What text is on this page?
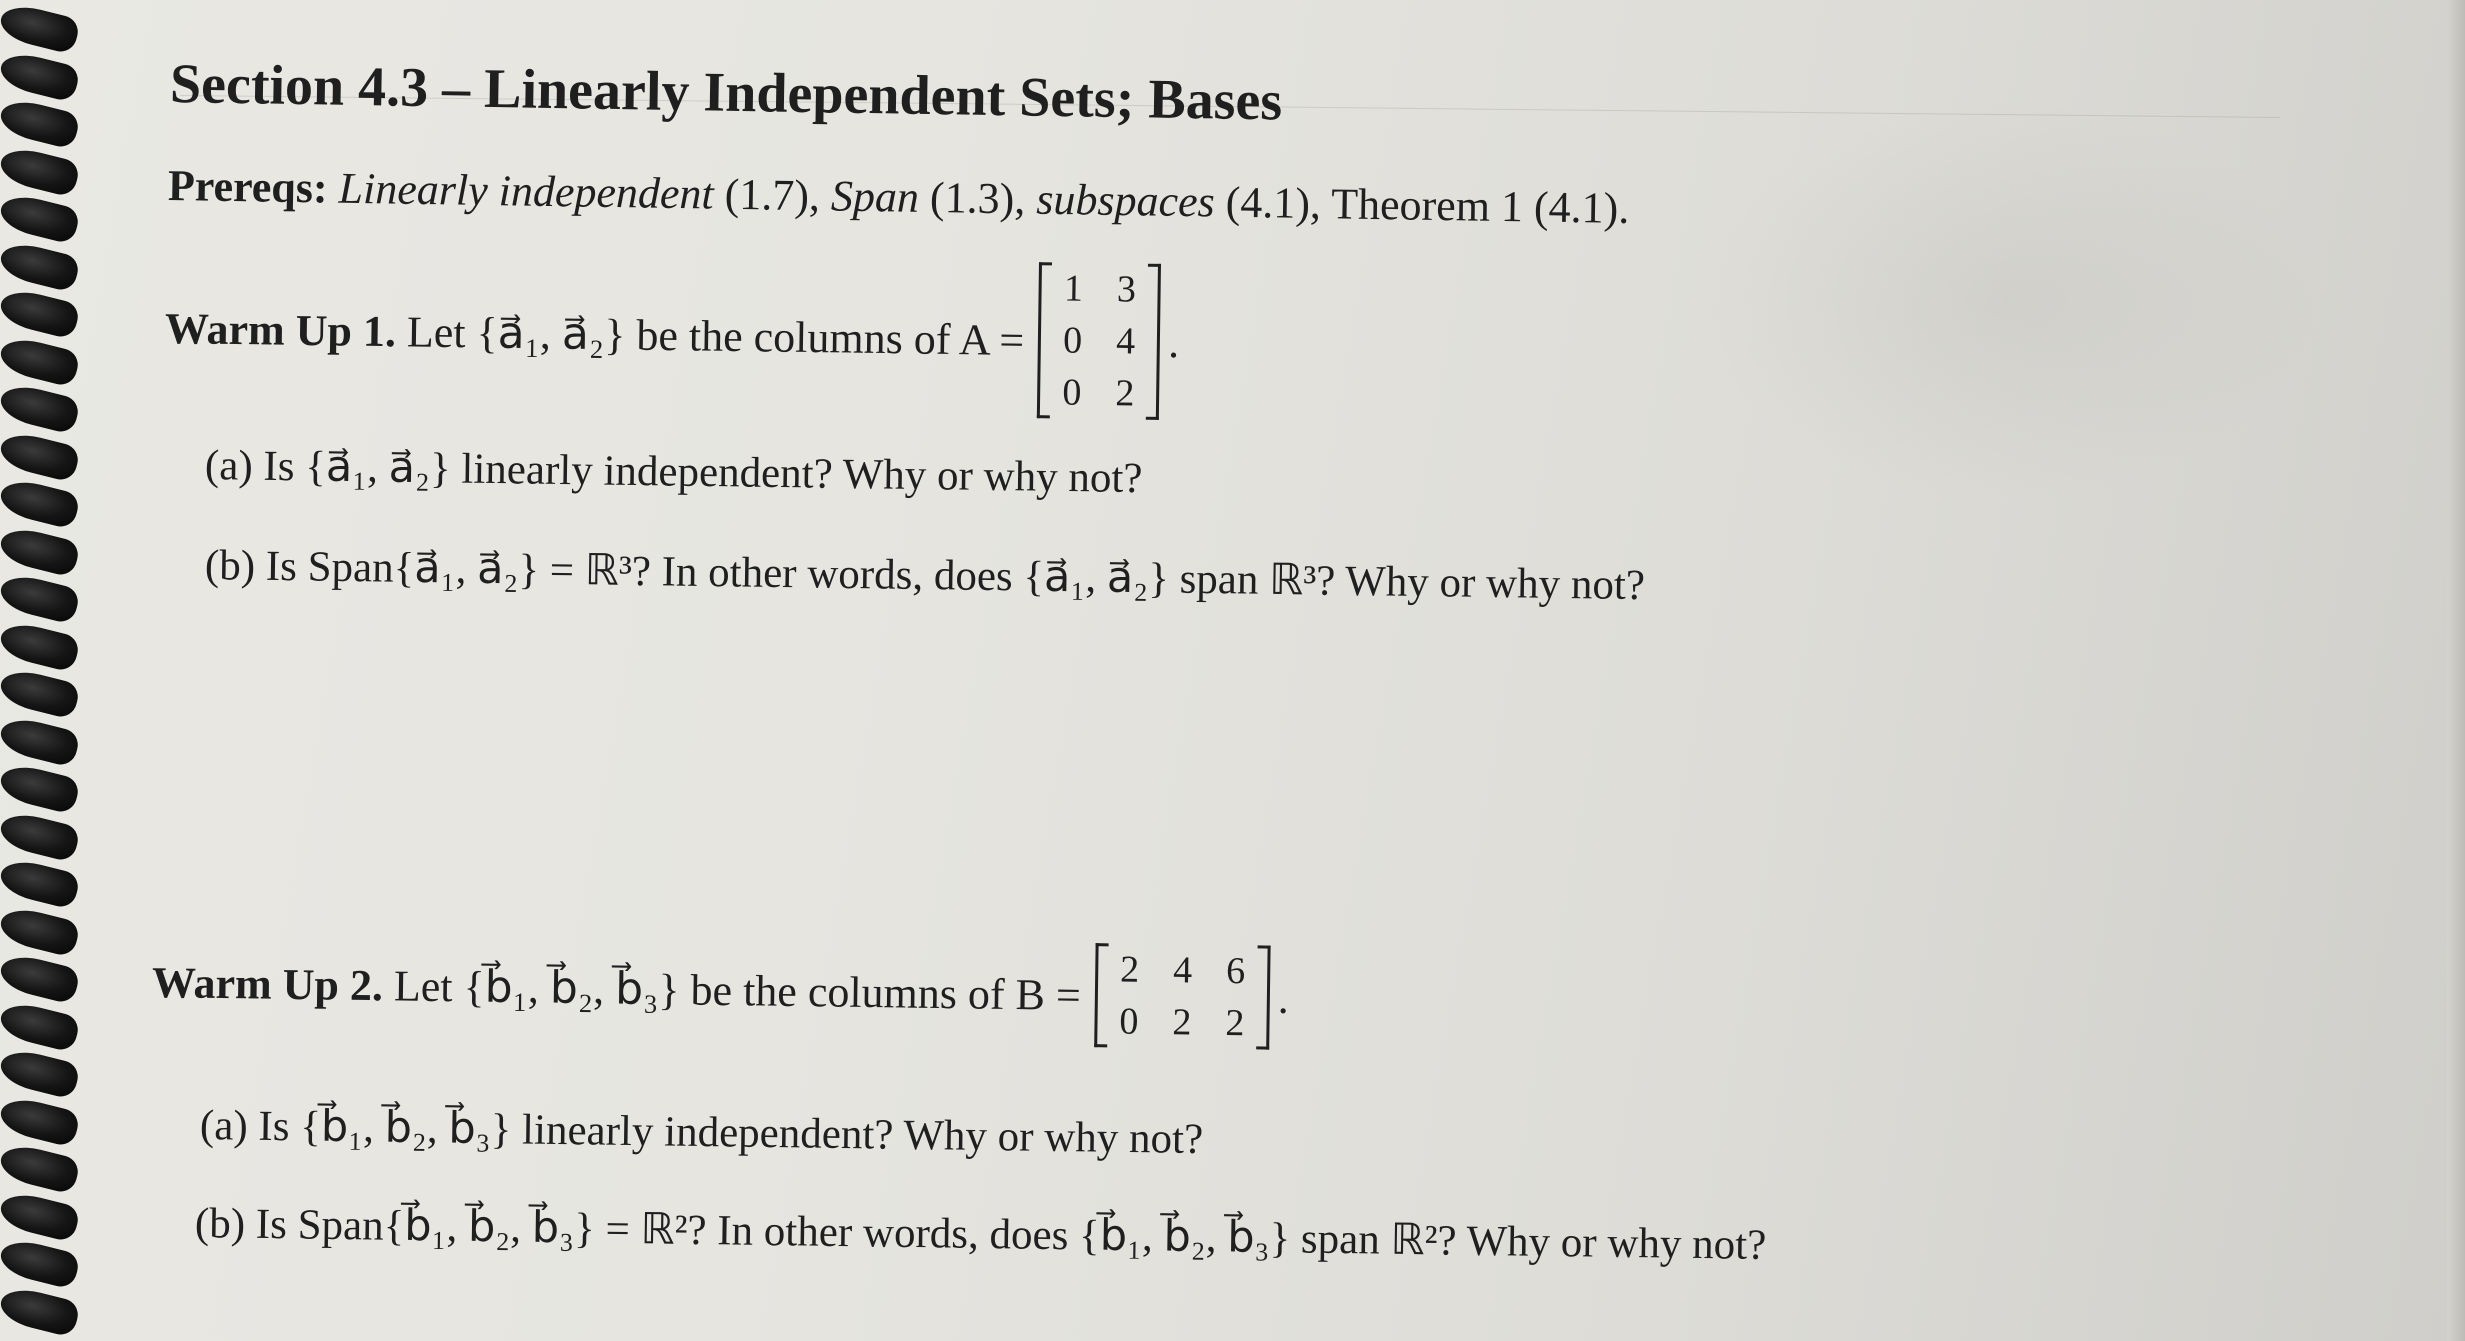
Section 4.3 – Linearly Independent Sets; Bases
Prereqs: Linearly independent (1.7), Span (1.3), subspaces (4.1), Theorem 1 (4.1).
Warm Up 1.
Let {a⃗₁, a⃗₂} be the columns of A =
1 3
0 4
0 2
.
(a) Is {a⃗₁, a⃗₂} linearly independent? Why or why not?
(b) Is Span{a⃗₁, a⃗₂} = ℝ³? In other words, does {a⃗₁, a⃗₂} span ℝ³? Why or why not?
Warm Up 2.
Let {b⃗₁, b⃗₂, b⃗₃} be the columns of B = 2 4 6
0 2 2
.
(a) Is {b⃗₁, b⃗₂, b⃗₃} linearly independent? Why or why not?
(b) Is Span{b⃗₁, b⃗₂, b⃗₃} = ℝ²? In other words, does {b⃗₁, b⃗₂, b⃗₃} span ℝ²? Why or why not?
